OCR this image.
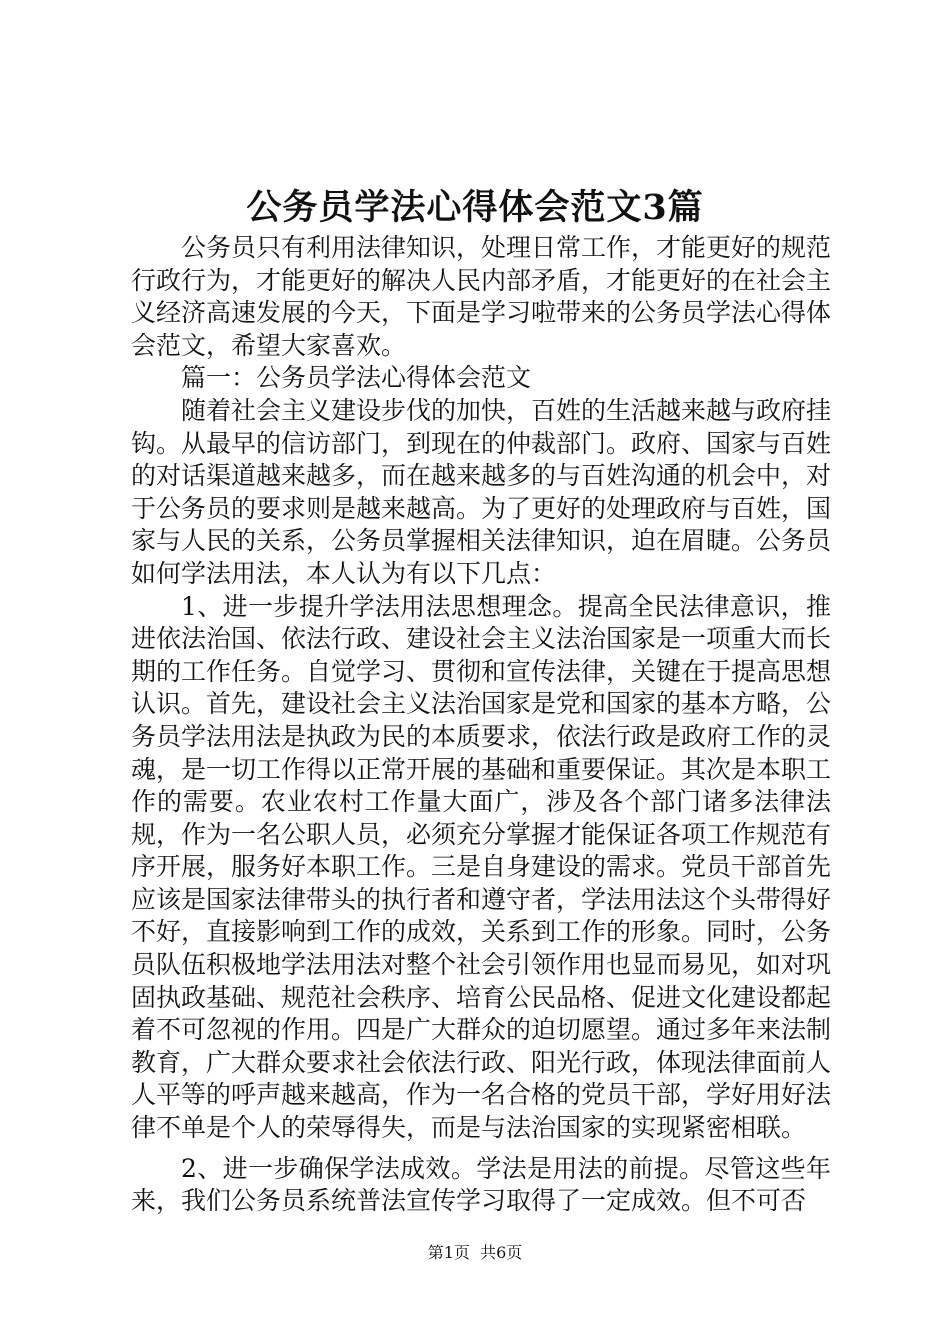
公务员学法心得体会范文3篇

公务员只有利用法律知识，处理日常工作，才能更好的规范行政行为，才能更好的解决人民内部矛盾，才能更好的在社会主义经济高速发展的今天，下面是学习啦带来的公务员学法心得体会范文，希望大家喜欢。

篇一：公务员学法心得体会范文

随着社会主义建设步伐的加快，百姓的生活越来越与政府挂钩。从最早的信访部门，到现在的仲裁部门。政府、国家与百姓的对话渠道越来越多，而在越来越多的与百姓沟通的机会中，对于公务员的要求则是越来越高。为了更好的处理政府与百姓，国家与人民的关系，公务员掌握相关法律知识，迫在眉睫。公务员如何学法用法，本人认为有以下几点：

1、进一步提升学法用法思想理念。提高全民法律意识，推进依法治国、依法行政、建设社会主义法治国家是一项重大而长期的工作任务。自觉学习、贯彻和宣传法律，关键在于提高思想认识。首先，建设社会主义法治国家是党和国家的基本方略，公务员学法用法是执政为民的本质要求，依法行政是政府工作的灵魂，是一切工作得以正常开展的基础和重要保证。其次是本职工作的需要。农业农村工作量大面广，涉及各个部门诸多法律法规，作为一名公职人员，必须充分掌握才能保证各项工作规范有序开展，服务好本职工作。三是自身建设的需求。党员干部首先应该是国家法律带头的执行者和遵守者，学法用法这个头带得好不好，直接影响到工作的成效，关系到工作的形象。同时，公务员队伍积极地学法用法对整个社会引领作用也显而易见，如对巩固执政基础、规范社会秩序、培育公民品格、促进文化建设都起着不可忽视的作用。四是广大群众的迫切愿望。通过多年来法制教育，广大群众要求社会依法行政、阳光行政，体现法律面前人人平等的呼声越来越高，作为一名合格的党员干部，学好用好法律不单是个人的荣辱得失，而是与法治国家的实现紧密相联。

2、进一步确保学法成效。学法是用法的前提。尽管这些年来，我们公务员系统普法宣传学习取得了一定成效。但不可否

第1页 共6页
